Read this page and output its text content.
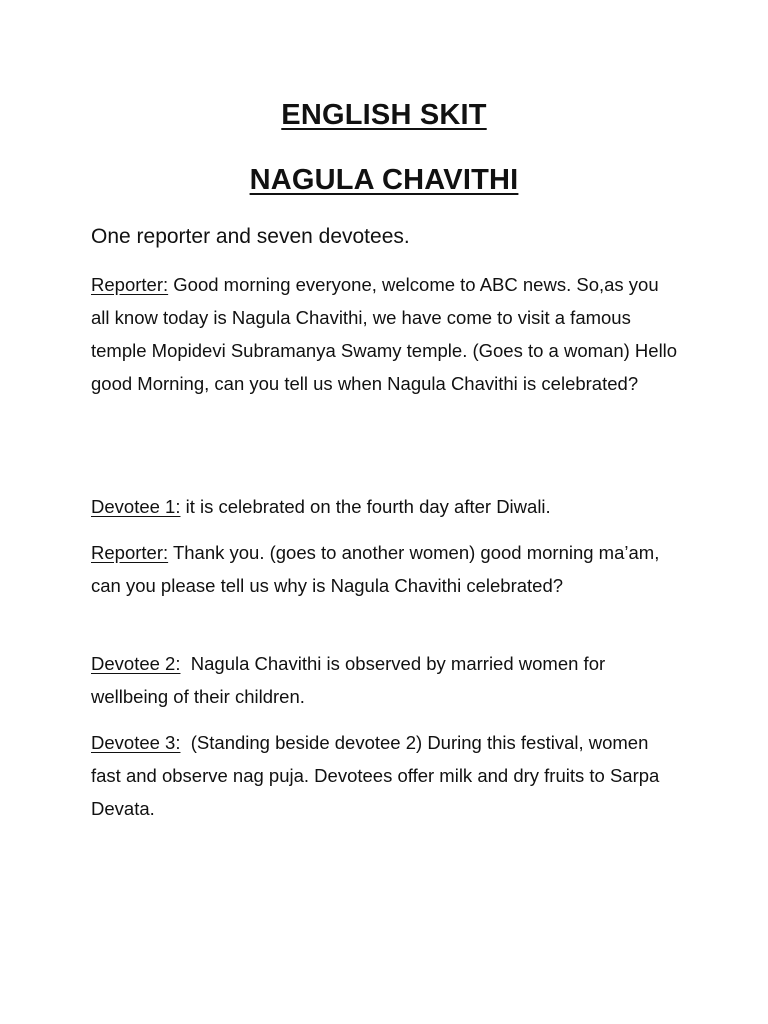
ENGLISH SKIT
NAGULA CHAVITHI
One reporter and seven devotees.
Reporter: Good morning everyone, welcome to ABC news. So,as you all know today is Nagula Chavithi, we have come to visit a famous temple Mopidevi Subramanya Swamy temple. (Goes to a woman) Hello good Morning, can you tell us when Nagula Chavithi is celebrated?
Devotee 1: it is celebrated on the fourth day after Diwali.
Reporter: Thank you. (goes to another women) good morning ma’am, can you please tell us why is Nagula Chavithi celebrated?
Devotee 2: Nagula Chavithi is observed by married women for wellbeing of their children.
Devotee 3: (Standing beside devotee 2) During this festival, women fast and observe nag puja. Devotees offer milk and dry fruits to Sarpa Devata.
